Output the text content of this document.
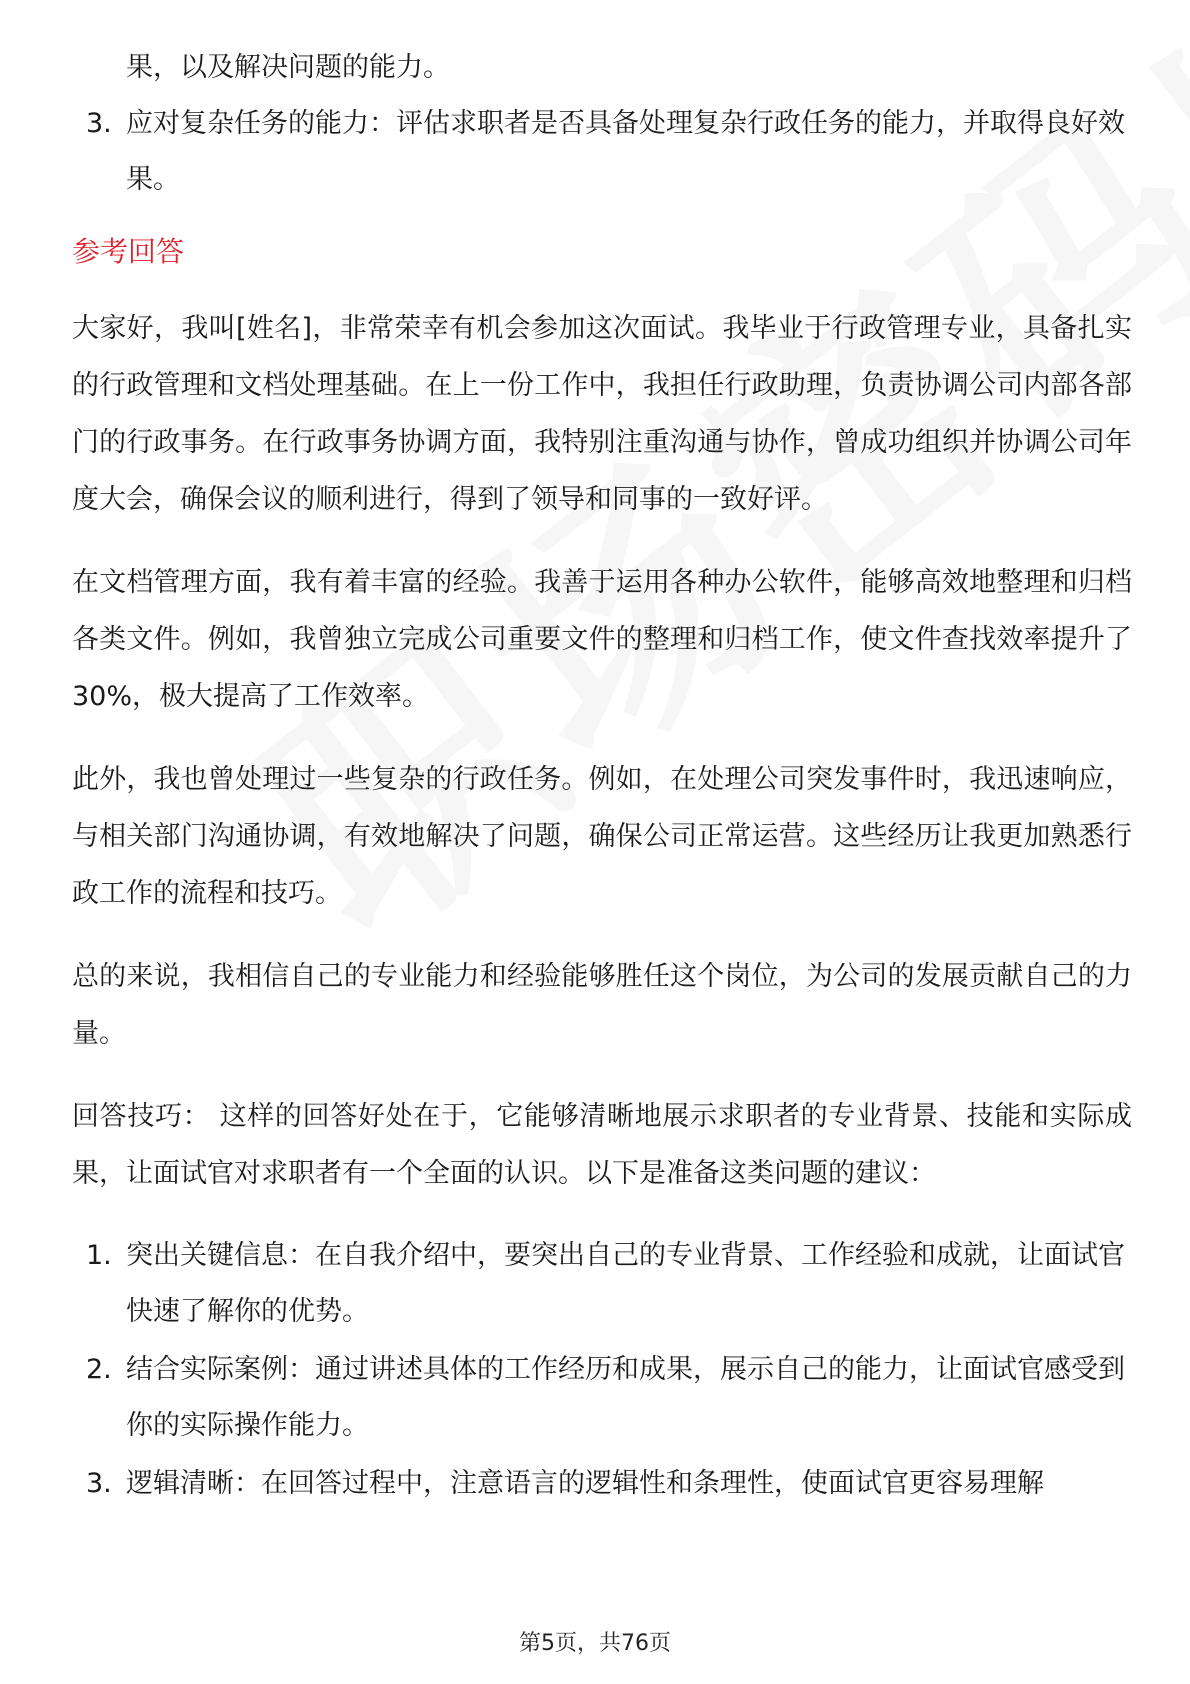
果，以及解决问题的能力。
3. 应对复杂任务的能力：评估求职者是否具备处理复杂行政任务的能力，并取得良好效果。
参考回答

大家好，我叫[姓名]，非常荣幸有机会参加这次面试。我毕业于行政管理专业，具备扎实的行政管理和文档处理基础。在上一份工作中，我担任行政助理，负责协调公司内部各部门的行政事务。在行政事务协调方面，我特别注重沟通与协作，曾成功组织并协调公司年度大会，确保会议的顺利进行，得到了领导和同事的一致好评。

在文档管理方面，我有着丰富的经验。我善于运用各种办公软件，能够高效地整理和归档各类文件。例如，我曾独立完成公司重要文件的整理和归档工作，使文件查找效率提升了30%，极大提高了工作效率。

此外，我也曾处理过一些复杂的行政任务。例如，在处理公司突发事件时，我迅速响应，与相关部门沟通协调，有效地解决了问题，确保公司正常运营。这些经历让我更加熟悉行政工作的流程和技巧。

总的来说，我相信自己的专业能力和经验能够胜任这个岗位，为公司的发展贡献自己的力量。

回答技巧： 这样的回答好处在于，它能够清晰地展示求职者的专业背景、技能和实际成果，让面试官对求职者有一个全面的认识。以下是准备这类问题的建议：

1. 突出关键信息：在自我介绍中，要突出自己的专业背景、工作经验和成就，让面试官快速了解你的优势。
2. 结合实际案例：通过讲述具体的工作经历和成果，展示自己的能力，让面试官感受到你的实际操作能力。
3. 逻辑清晰：在回答过程中，注意语言的逻辑性和条理性，使面试官更容易理解
第5页，共76页
